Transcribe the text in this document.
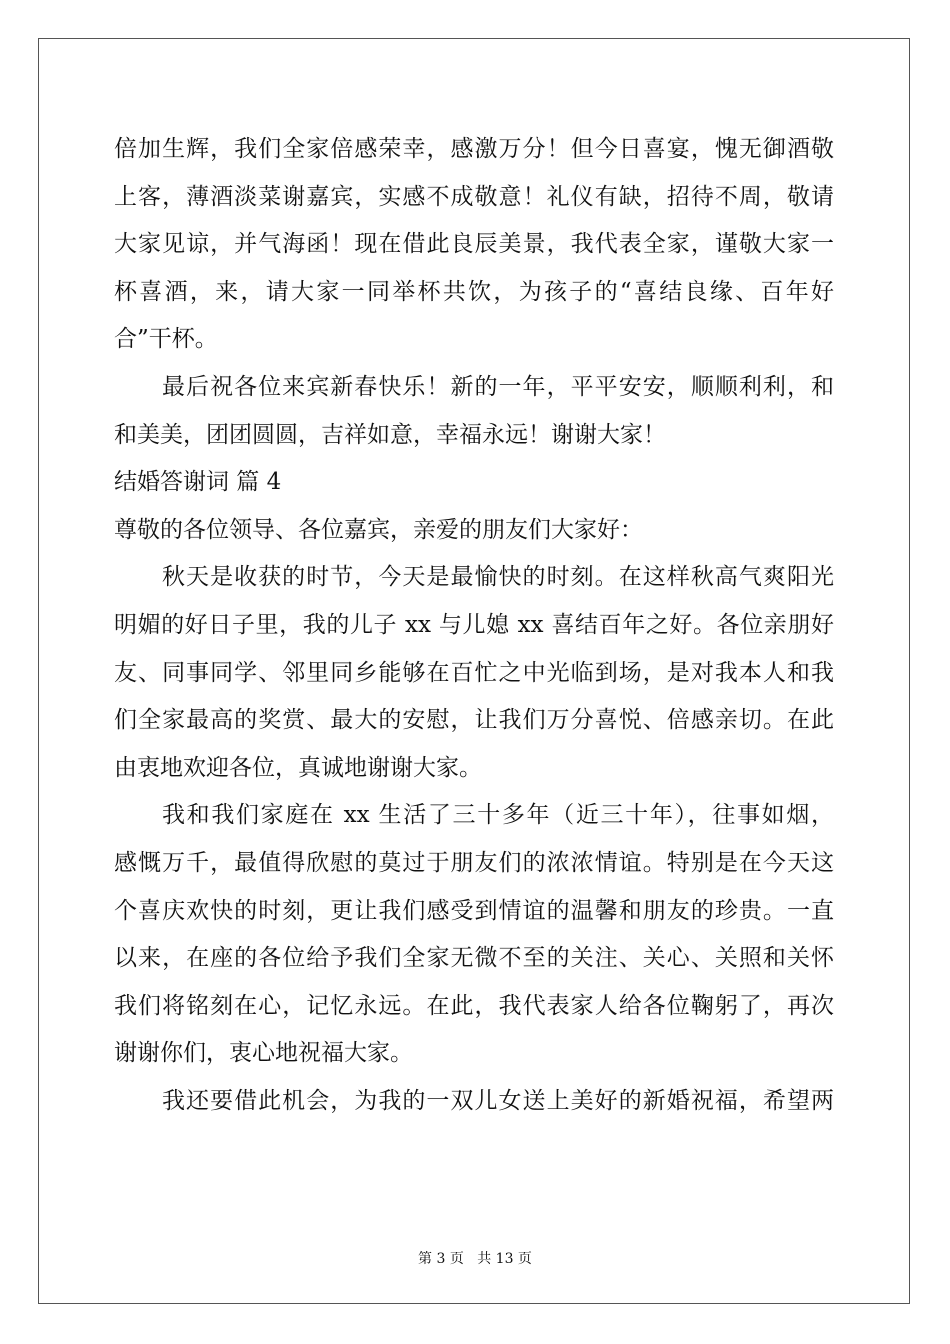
倍加生辉，我们全家倍感荣幸，感激万分！但今日喜宴，愧无御酒敬
上客，薄酒淡菜谢嘉宾，实感不成敬意！礼仪有缺，招待不周，敬请
大家见谅，并气海函！现在借此良辰美景，我代表全家，谨敬大家一
杯喜酒，来，请大家一同举杯共饮，为孩子的“喜结良缘、百年好
合”干杯。
最后祝各位来宾新春快乐！新的一年，平平安安，顺顺利利，和
和美美，团团圆圆，吉祥如意，幸福永远！谢谢大家！
结婚答谢词 篇 4
尊敬的各位领导、各位嘉宾，亲爱的朋友们大家好：
秋天是收获的时节，今天是最愉快的时刻。在这样秋高气爽阳光
明媚的好日子里，我的儿子 xx 与儿媳 xx 喜结百年之好。各位亲朋好
友、同事同学、邻里同乡能够在百忙之中光临到场，是对我本人和我
们全家最高的奖赏、最大的安慰，让我们万分喜悦、倍感亲切。在此
由衷地欢迎各位，真诚地谢谢大家。
我和我们家庭在 xx 生活了三十多年（近三十年），往事如烟，
感慨万千，最值得欣慰的莫过于朋友们的浓浓情谊。特别是在今天这
个喜庆欢快的时刻，更让我们感受到情谊的温馨和朋友的珍贵。一直
以来，在座的各位给予我们全家无微不至的关注、关心、关照和关怀
我们将铭刻在心，记忆永远。在此，我代表家人给各位鞠躬了，再次
谢谢你们，衷心地祝福大家。
我还要借此机会，为我的一双儿女送上美好的新婚祝福，希望两
第 3 页 共 13 页
